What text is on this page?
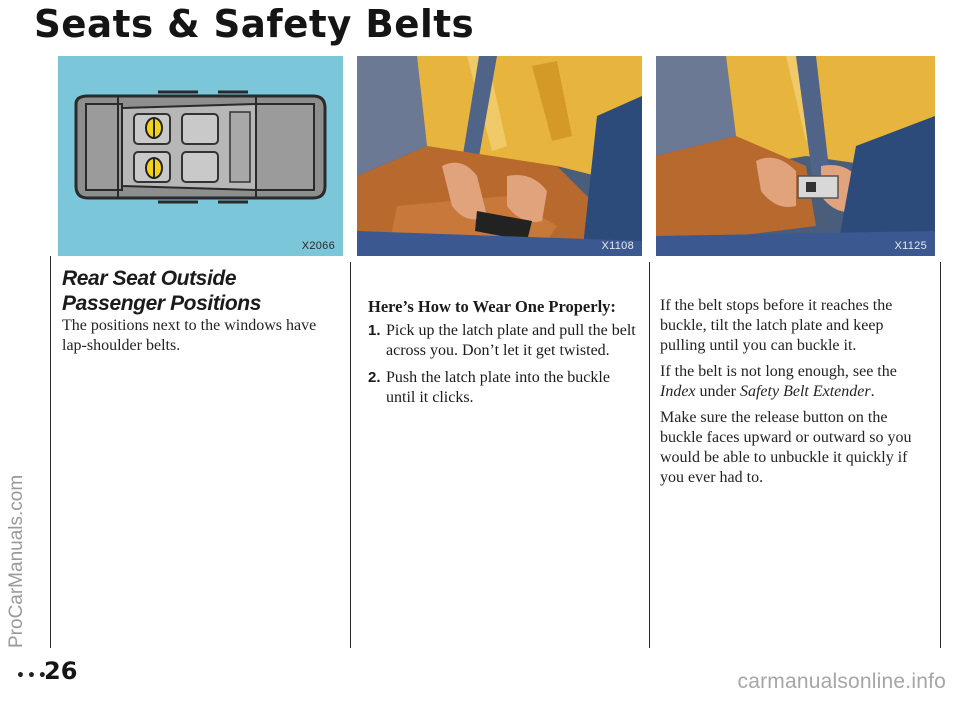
Seats & Safety Belts
X2066	X1108	X1125
Rear Seat Outside Passenger Positions

The positions next to the windows have lap-shoulder belts.

Here’s How to Wear One Properly:
1. Pick up the latch plate and pull the belt across you. Don’t let it get twisted.
2. Push the latch plate into the buckle until it clicks.

If the belt stops before it reaches the buckle, tilt the latch plate and keep pulling until you can buckle it.

If the belt is not long enough, see the Index under Safety Belt Extender.

Make sure the release button on the buckle faces upward or outward so you would be able to unbuckle it quickly if you ever had to.

•••
26
ProCarManuals.com
carmanualsonline.info
